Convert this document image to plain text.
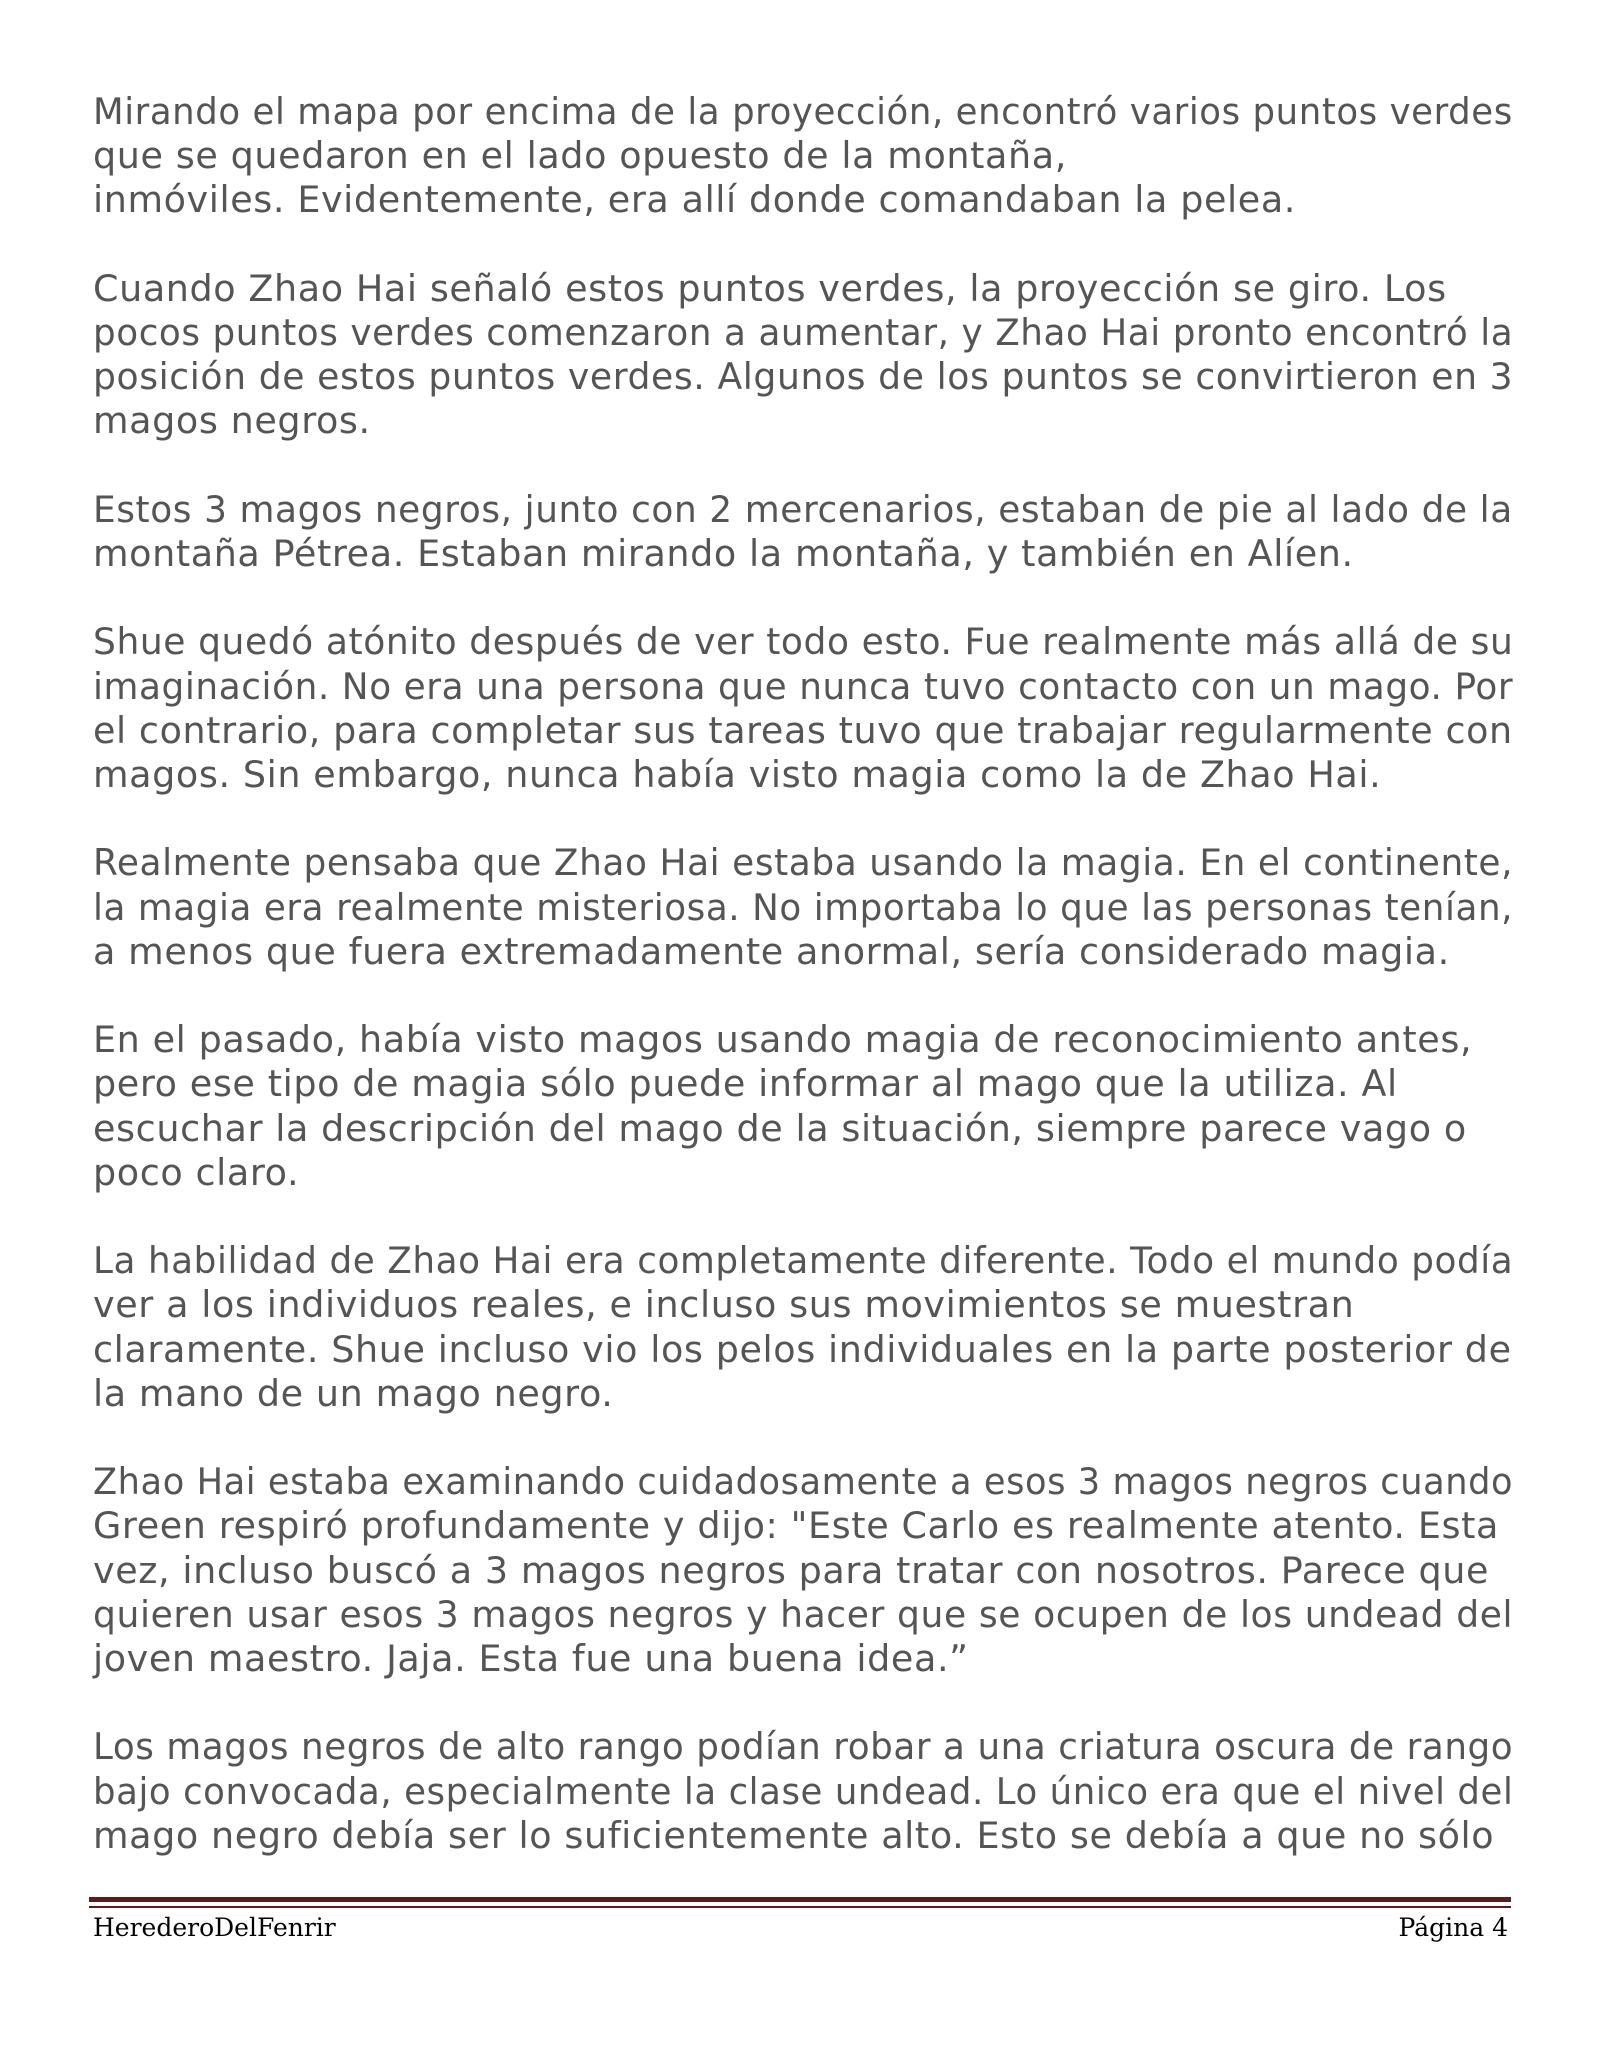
Mirando el mapa por encima de la proyección, encontró varios puntos verdes
que se quedaron en el lado opuesto de la montaña,
inmóviles. Evidentemente, era allí donde comandaban la pelea.

Cuando Zhao Hai señaló estos puntos verdes, la proyección se giro. Los
pocos puntos verdes comenzaron a aumentar, y Zhao Hai pronto encontró la
posición de estos puntos verdes. Algunos de los puntos se convirtieron en 3
magos negros.

Estos 3 magos negros, junto con 2 mercenarios, estaban de pie al lado de la
montaña Pétrea. Estaban mirando la montaña, y también en Alíen.

Shue quedó atónito después de ver todo esto. Fue realmente más allá de su
imaginación. No era una persona que nunca tuvo contacto con un mago. Por
el contrario, para completar sus tareas tuvo que trabajar regularmente con
magos. Sin embargo, nunca había visto magia como la de Zhao Hai.

Realmente pensaba que Zhao Hai estaba usando la magia. En el continente,
la magia era realmente misteriosa. No importaba lo que las personas tenían,
a menos que fuera extremadamente anormal, sería considerado magia.

En el pasado, había visto magos usando magia de reconocimiento antes,
pero ese tipo de magia sólo puede informar al mago que la utiliza. Al
escuchar la descripción del mago de la situación, siempre parece vago o
poco claro.

La habilidad de Zhao Hai era completamente diferente. Todo el mundo podía
ver a los individuos reales, e incluso sus movimientos se muestran
claramente. Shue incluso vio los pelos individuales en la parte posterior de
la mano de un mago negro.

Zhao Hai estaba examinando cuidadosamente a esos 3 magos negros cuando
Green respiró profundamente y dijo: "Este Carlo es realmente atento. Esta
vez, incluso buscó a 3 magos negros para tratar con nosotros. Parece que
quieren usar esos 3 magos negros y hacer que se ocupen de los undead del
joven maestro. Jaja. Esta fue una buena idea.”

Los magos negros de alto rango podían robar a una criatura oscura de rango
bajo convocada, especialmente la clase undead. Lo único era que el nivel del
mago negro debía ser lo suficientemente alto. Esto se debía a que no sólo

HerederoDelFenrir	Página 4
